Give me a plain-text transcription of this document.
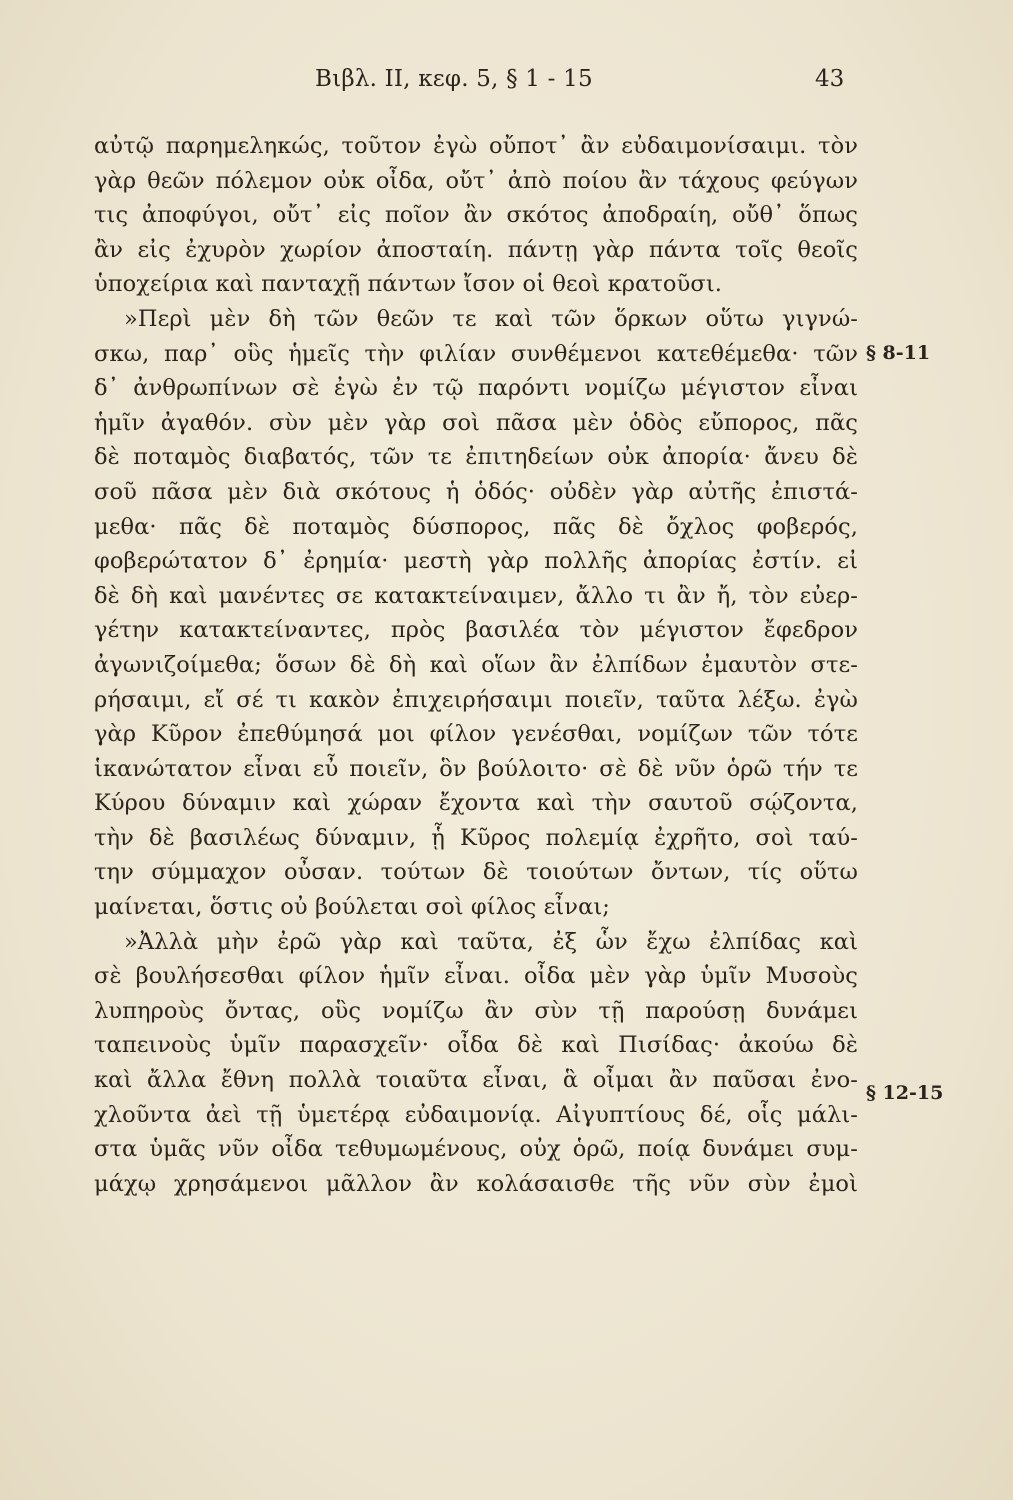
Βιβλ. II, κεφ. 5, § 1 - 15	43
αὐτῷ παρημεληκώς, τοῦτον ἐγὼ οὔποτ᾽ ἂν εὐδαιμονίσαιμι. τὸν
γὰρ θεῶν πόλεμον οὐκ οἶδα, οὔτ᾽ ἀπὸ ποίου ἂν τάχους φεύγων
τις ἀποφύγοι, οὔτ᾽ εἰς ποῖον ἂν σκότος ἀποδραίη, οὔθ᾽ ὅπως
ἂν εἰς ἐχυρὸν χωρίον ἀποσταίη. πάντῃ γὰρ πάντα τοῖς θεοῖς
ὑποχείρια καὶ πανταχῇ πάντων ἴσον οἱ θεοὶ κρατοῦσι.
»Περὶ μὲν δὴ τῶν θεῶν τε καὶ τῶν ὅρκων οὕτω γιγνώ-
σκω, παρ᾽ οὓς ἡμεῖς τὴν φιλίαν συνθέμενοι κατεθέμεθα· τῶν
δ᾽ ἀνθρωπίνων σὲ ἐγὼ ἐν τῷ παρόντι νομίζω μέγιστον εἶναι
ἡμῖν ἀγαθόν. σὺν μὲν γὰρ σοὶ πᾶσα μὲν ὁδὸς εὔπορος, πᾶς
δὲ ποταμὸς διαβατός, τῶν τε ἐπιτηδείων οὐκ ἀπορία· ἄνευ δὲ
σοῦ πᾶσα μὲν διὰ σκότους ἡ ὁδός· οὐδὲν γὰρ αὐτῆς ἐπιστά-
μεθα· πᾶς δὲ ποταμὸς δύσπορος, πᾶς δὲ ὄχλος φοβερός,
φοβερώτατον δ᾽ ἐρημία· μεστὴ γὰρ πολλῆς ἀπορίας ἐστίν. εἰ
δὲ δὴ καὶ μανέντες σε κατακτείναιμεν, ἄλλο τι ἂν ἤ, τὸν εὐερ-
γέτην κατακτείναντες, πρὸς βασιλέα τὸν μέγιστον ἔφεδρον
ἀγωνιζοίμεθα; ὅσων δὲ δὴ καὶ οἵων ἂν ἐλπίδων ἐμαυτὸν στε-
ρήσαιμι, εἴ σέ τι κακὸν ἐπιχειρήσαιμι ποιεῖν, ταῦτα λέξω. ἐγὼ
γὰρ Κῦρον ἐπεθύμησά μοι φίλον γενέσθαι, νομίζων τῶν τότε
ἱκανώτατον εἶναι εὖ ποιεῖν, ὃν βούλοιτο· σὲ δὲ νῦν ὁρῶ τήν τε
Κύρου δύναμιν καὶ χώραν ἔχοντα καὶ τὴν σαυτοῦ σῴζοντα,
τὴν δὲ βασιλέως δύναμιν, ᾗ Κῦρος πολεμίᾳ ἐχρῆτο, σοὶ ταύ-
την σύμμαχον οὖσαν. τούτων δὲ τοιούτων ὄντων, τίς οὕτω
μαίνεται, ὅστις οὐ βούλεται σοὶ φίλος εἶναι;
»Ἀλλὰ μὴν ἐρῶ γὰρ καὶ ταῦτα, ἐξ ὧν ἔχω ἐλπίδας καὶ
σὲ βουλήσεσθαι φίλον ἡμῖν εἶναι. οἶδα μὲν γὰρ ὑμῖν Μυσοὺς
λυπηροὺς ὄντας, οὓς νομίζω ἂν σὺν τῇ παρούσῃ δυνάμει
ταπεινοὺς ὑμῖν παρασχεῖν· οἶδα δὲ καὶ Πισίδας· ἀκούω δὲ
καὶ ἄλλα ἔθνη πολλὰ τοιαῦτα εἶναι, ἃ οἶμαι ἂν παῦσαι ἐνο-
χλοῦντα ἀεὶ τῇ ὑμετέρᾳ εὐδαιμονίᾳ. Αἰγυπτίους δέ, οἷς μάλι-
στα ὑμᾶς νῦν οἶδα τεθυμωμένους, οὐχ ὁρῶ, ποίᾳ δυνάμει συμ-
μάχῳ χρησάμενοι μᾶλλον ἂν κολάσαισθε τῆς νῦν σὺν ἐμοὶ
§ 8-11
§ 12-15
